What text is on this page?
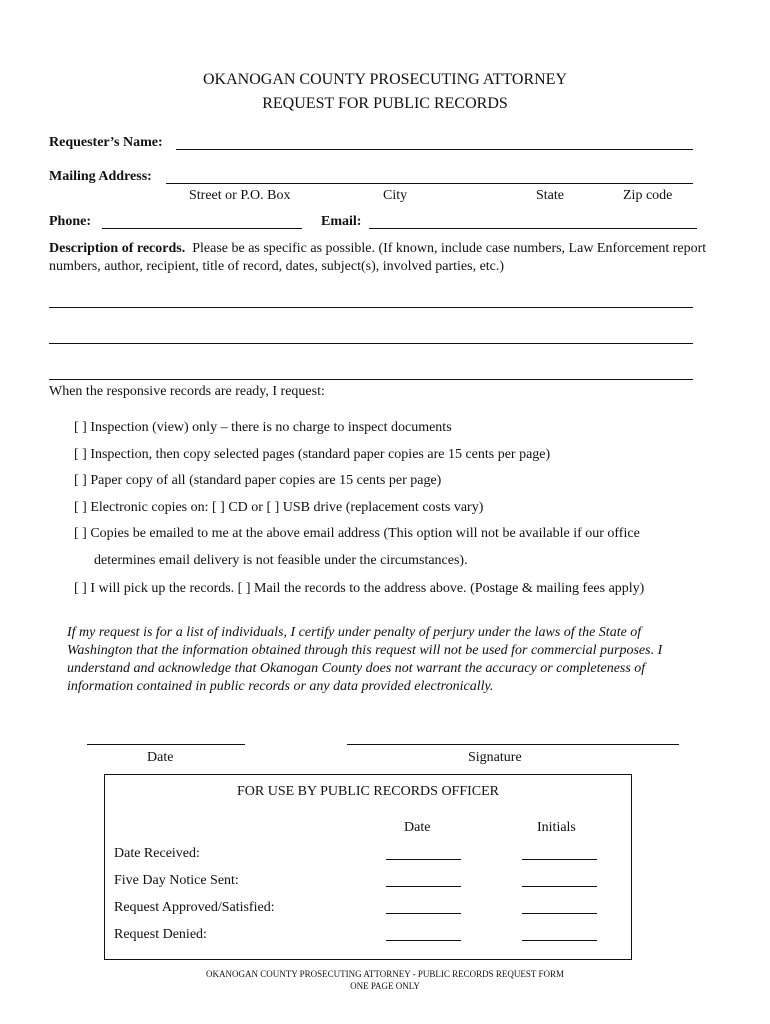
OKANOGAN COUNTY PROSECUTING ATTORNEY
REQUEST FOR PUBLIC RECORDS
Requester’s Name:
Mailing Address:
Street or P.O. Box	City	State	Zip code
Phone:	Email:
Description of records. Please be as specific as possible. (If known, include case numbers, Law Enforcement report numbers, author, recipient, title of record, dates, subject(s), involved parties, etc.)
When the responsive records are ready, I request:
[ ] Inspection (view) only – there is no charge to inspect documents
[ ] Inspection, then copy selected pages (standard paper copies are 15 cents per page)
[ ] Paper copy of all (standard paper copies are 15 cents per page)
[ ] Electronic copies on: [ ] CD or [ ] USB drive (replacement costs vary)
[ ] Copies be emailed to me at the above email address (This option will not be available if our office
determines email delivery is not feasible under the circumstances).
[ ] I will pick up the records. [ ] Mail the records to the address above. (Postage & mailing fees apply)
If my request is for a list of individuals, I certify under penalty of perjury under the laws of the State of Washington that the information obtained through this request will not be used for commercial purposes. I understand and acknowledge that Okanogan County does not warrant the accuracy or completeness of information contained in public records or any data provided electronically.
Date	Signature
FOR USE BY PUBLIC RECORDS OFFICER
Date	Initials
Date Received:
Five Day Notice Sent:
Request Approved/Satisfied:
Request Denied:
OKANOGAN COUNTY PROSECUTING ATTORNEY - PUBLIC RECORDS REQUEST FORM
ONE PAGE ONLY
